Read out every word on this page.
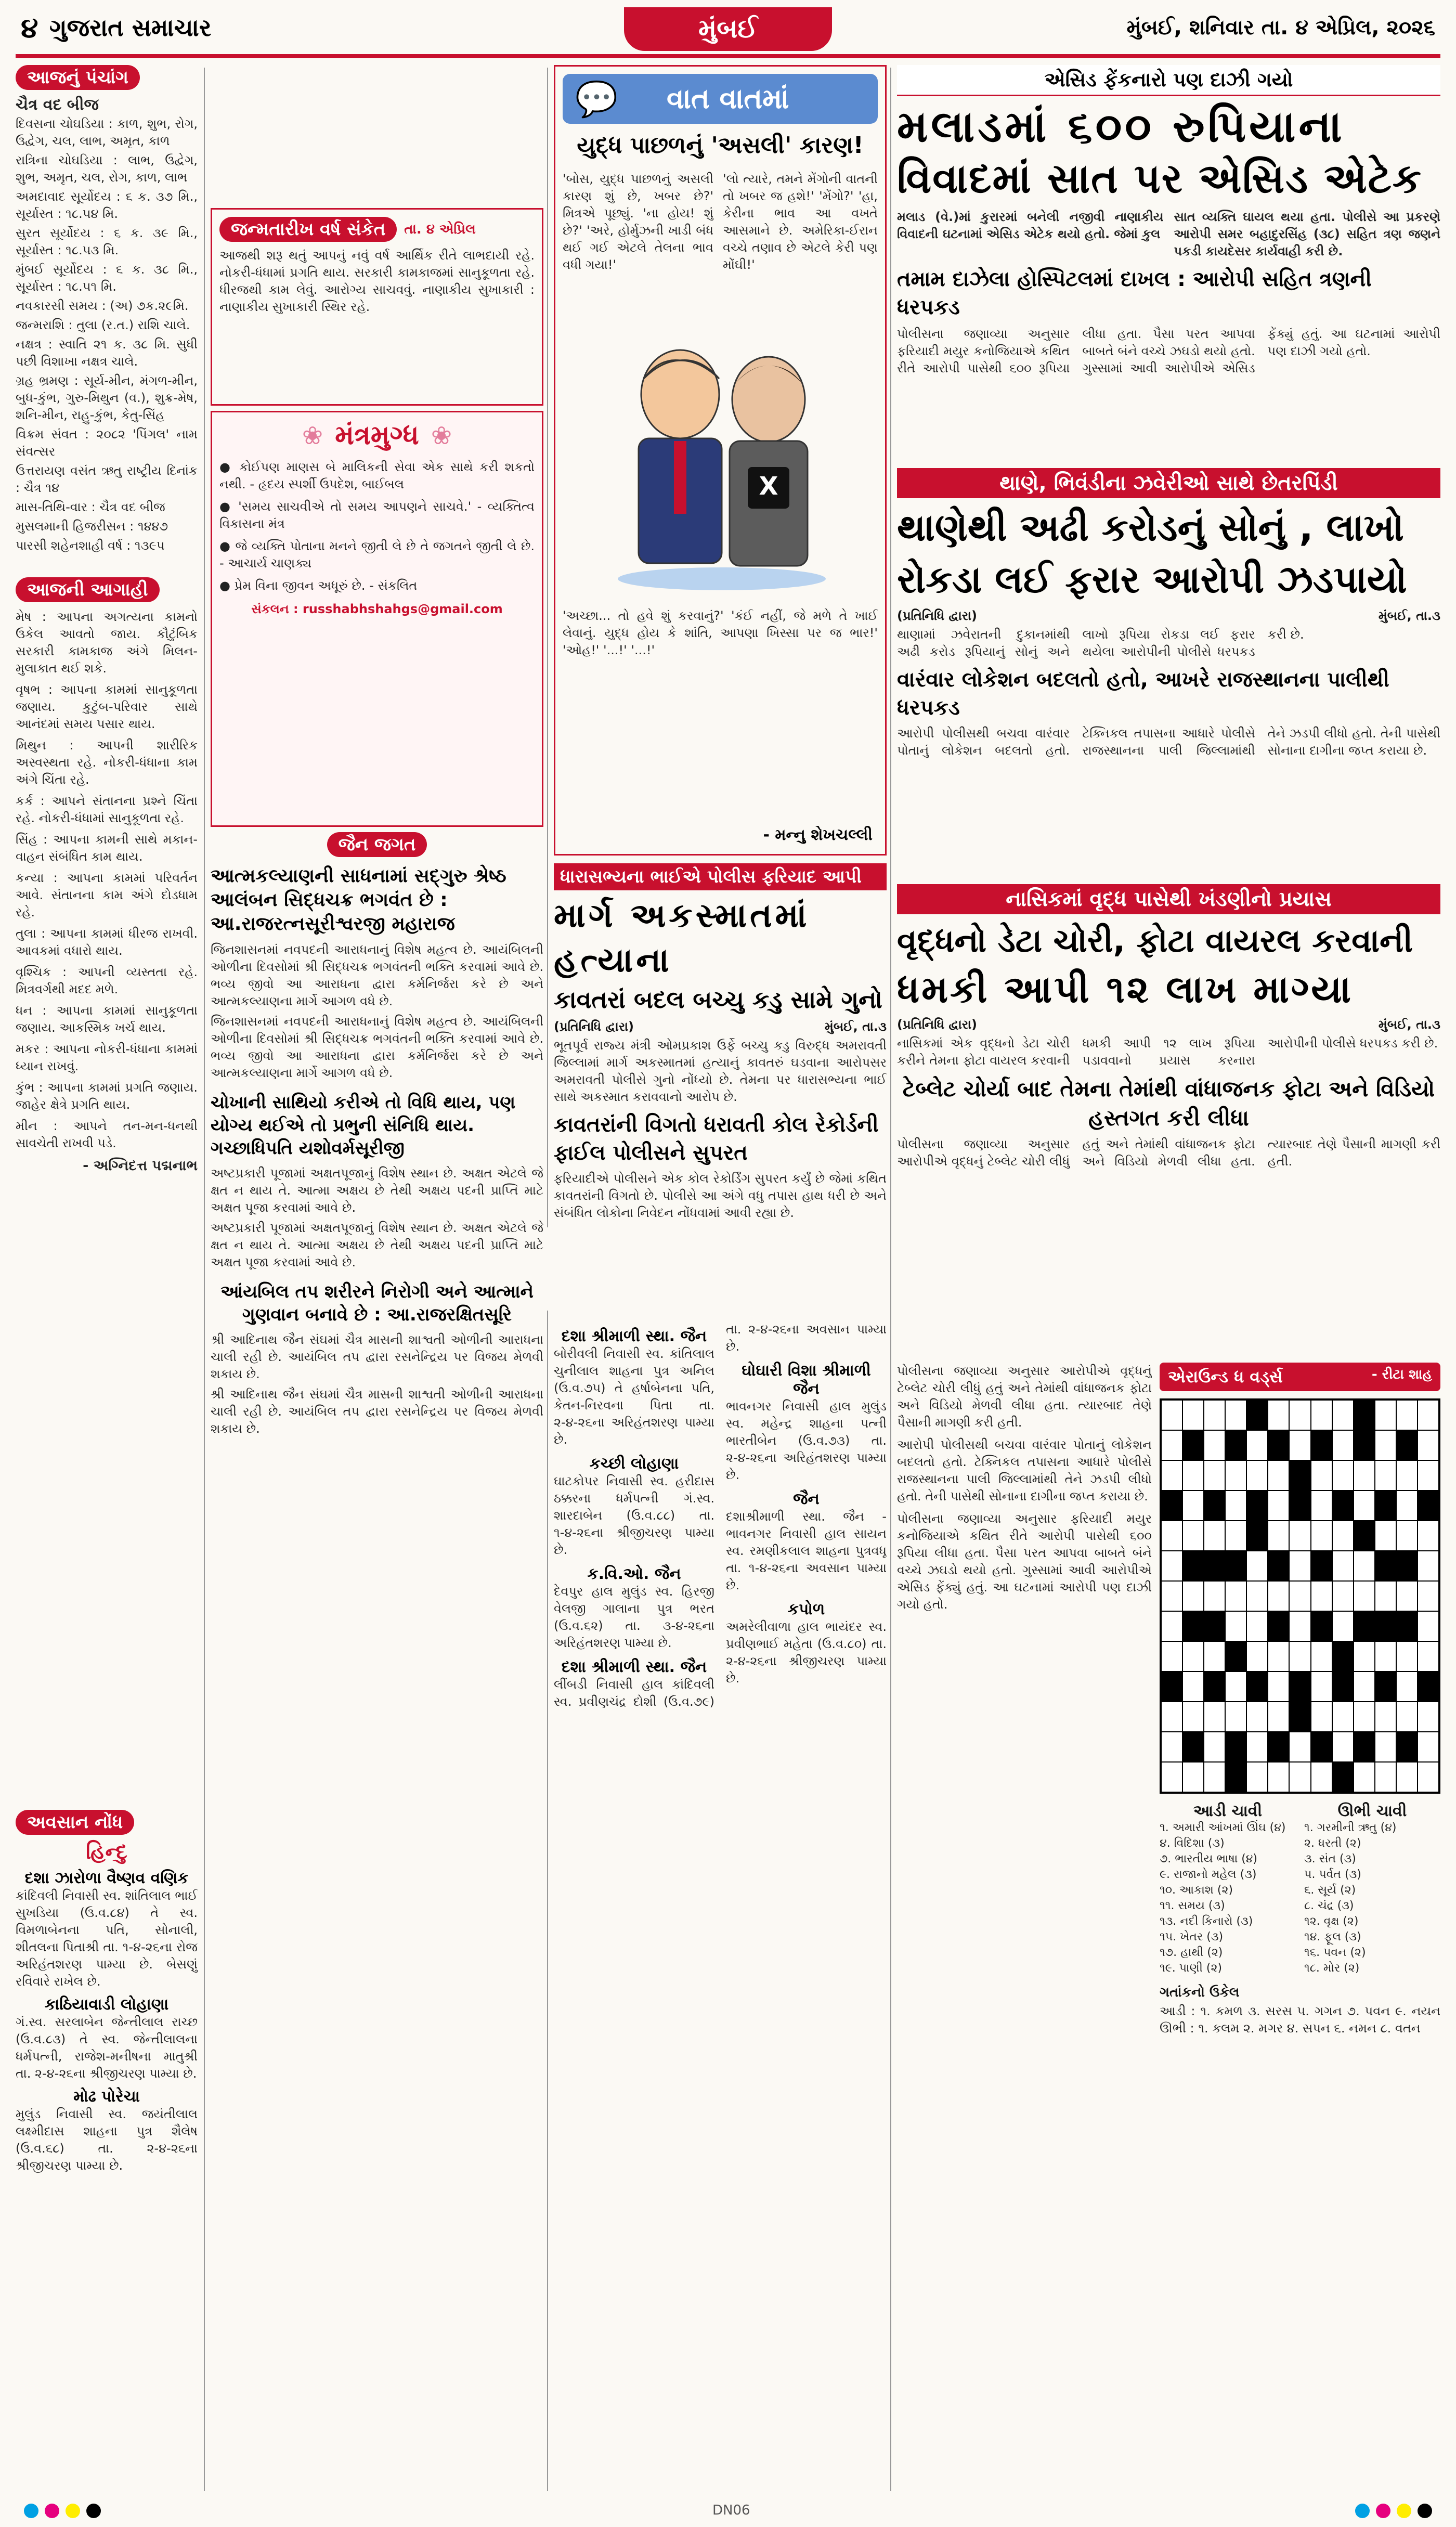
૪ ગુજરાત સમાચાર	મુંબઈ	મુંબઈ, શનિવાર તા. ૪ એપ્રિલ, ૨૦૨૬
આજનું પંચાંગ
ચૈત્ર વદ બીજ
દિવસના ચોઘડિયા : કાળ, શુભ, રોગ, ઉદ્વેગ, ચલ, લાભ, અમૃત, કાળ
રાત્રિના ચોઘડિયા : લાભ, ઉદ્વેગ, શુભ, અમૃત, ચલ, રોગ, કાળ, લાભ
અમદાવાદ સૂર્યોદય : ૬ ક. ૩૭ મિ., સૂર્યાસ્ત : ૧૮.૫૪ મિ.
સુરત સૂર્યોદય : ૬ ક. ૩૯ મિ., સૂર્યાસ્ત : ૧૮.૫૩ મિ.
મુંબઈ સૂર્યોદય : ૬ ક. ૩૮ મિ., સૂર્યાસ્ત : ૧૮.૫૧ મિ.
નવકારસી સમય : (અ) ૭ક.૨૯મિ.
જન્મરાશિ : તુલા (ર.ત.) રાશિ ચાલે.
નક્ષત્ર : સ્વાતિ ૨૧ ક. ૩૮ મિ. સુધી પછી વિશાખા નક્ષત્ર ચાલે.
ગ્રહ ભ્રમણ : સૂર્ય-મીન, મંગળ-મીન, બુધ-કુંભ, ગુરુ-મિથુન (વ.), શુક્ર-મેષ, શનિ-મીન, રાહુ-કુંભ, કેતુ-સિંહ
વિક્રમ સંવત : ૨૦૮૨ 'પિંગલ' નામ સંવત્સર
ઉત્તરાયણ વસંત ઋતુ રાષ્ટ્રીય દિનાંક : ચૈત્ર ૧૪
માસ-તિથિ-વાર : ચૈત્ર વદ બીજ
મુસલમાની હિજરીસન : ૧૪૪૭
પારસી શહેનશાહી વર્ષ : ૧૩૯૫
આજની આગાહી
મેષ : આપના અગત્યના કામનો ઉકેલ આવતો જાય. કૌટુંબિક સરકારી કામકાજ અંગે મિલન-મુલાકાત થઈ શકે.
વૃષભ : આપના કામમાં સાનુકૂળતા જણાય. કુટુંબ-પરિવાર સાથે આનંદમાં સમય પસાર થાય.
મિથુન : આપની શારીરિક અસ્વસ્થતા રહે. નોકરી-ધંધાના કામ અંગે ચિંતા રહે.
કર્ક : આપને સંતાનના પ્રશ્ને ચિંતા રહે. નોકરી-ધંધામાં સાનુકૂળતા રહે.
સિંહ : આપના કામની સાથે મકાન-વાહન સંબંધિત કામ થાય.
કન્યા : આપના કામમાં પરિવર્તન આવે. સંતાનના કામ અંગે દોડધામ રહે.
તુલા : આપના કામમાં ધીરજ રાખવી. આવકમાં વધારો થાય.
વૃશ્ચિક : આપની વ્યસ્તતા રહે. મિત્રવર્ગથી મદદ મળે.
ધન : આપના કામમાં સાનુકૂળતા જણાય. આકસ્મિક ખર્ચ થાય.
મકર : આપના નોકરી-ધંધાના કામમાં ધ્યાન રાખવું.
કુંભ : આપના કામમાં પ્રગતિ જણાય. જાહેર ક્ષેત્રે પ્રગતિ થાય.
મીન : આપને તન-મન-ધનથી સાવચેતી રાખવી પડે.
- અગ્નિદત્ત પદ્મનાભ
અવસાન નોંધ
હિન્દુ
દશા ઝારોળા વૈષ્ણવ વણિક
કાંદિવલી નિવાસી સ્વ. શાંતિલાલ ભાઈ સુખડિયા (ઉ.વ.૮૪) તે સ્વ. વિમળાબેનના પતિ, સોનાલી, શીતલના પિતાશ્રી તા. ૧-૪-૨૬ના રોજ અરિહંતશરણ પામ્યા છે. બેસણું રવિવારે રાખેલ છે.
કાઠિયાવાડી લોહાણા
ગં.સ્વ. સરલાબેન જેન્તીલાલ રાચ્છ (ઉ.વ.૮૩) તે સ્વ. જેન્તીલાલના ધર્મપત્ની, રાજેશ-મનીષના માતુશ્રી તા. ૨-૪-૨૬ના શ્રીજીચરણ પામ્યા છે.
મોઢ પોરેચા
મુલુંડ નિવાસી સ્વ. જયંતીલાલ લક્ષ્મીદાસ શાહના પુત્ર શૈલેષ (ઉ.વ.૬૮) તા. ૨-૪-૨૬ના શ્રીજીચરણ પામ્યા છે.
જન્મતારીખ વર્ષ સંકેત	તા. ૪ એપ્રિલ
આજથી શરૂ થતું આપનું નવું વર્ષ આર્થિક રીતે લાભદાયી રહે. નોકરી-ધંધામાં પ્રગતિ થાય. સરકારી કામકાજમાં સાનુકૂળતા રહે. ધીરજથી કામ લેવું. આરોગ્ય સાચવવું. નાણાકીય સુખાકારી : નાણાકીય સુખાકારી સ્થિર રહે.
❀ મંત્રમુગ્ધ ❀
● કોઈપણ માણસ બે માલિકની સેવા એક સાથે કરી શકતો નથી. - હૃદય સ્પર્શી ઉપદેશ, બાઈબલ
● 'સમય સાચવીએ તો સમય આપણને સાચવે.' - વ્યક્તિત્વ વિકાસના મંત્ર
● જે વ્યક્તિ પોતાના મનને જીતી લે છે તે જગતને જીતી લે છે. - આચાર્ય ચાણક્ય
● પ્રેમ વિના જીવન અધૂરું છે. - સંકલિત
સંકલન : russhabhshahgs@gmail.com
જૈન જગત
આત્મકલ્યાણની સાધનામાં સદ્ગુરુ શ્રેષ્ઠ આલંબન સિદ્ધચક્ર ભગવંત છે : આ.રાજરત્નસૂરીશ્વરજી મહારાજ
જિનશાસનમાં નવપદની આરાધનાનું વિશેષ મહત્વ છે. આયંબિલની ઓળીના દિવસોમાં શ્રી સિદ્ધચક્ર ભગવંતની ભક્તિ કરવામાં આવે છે. ભવ્ય જીવો આ આરાધના દ્વારા કર્મનિર્જરા કરે છે અને આત્મકલ્યાણના માર્ગે આગળ વધે છે.
જિનશાસનમાં નવપદની આરાધનાનું વિશેષ મહત્વ છે. આયંબિલની ઓળીના દિવસોમાં શ્રી સિદ્ધચક્ર ભગવંતની ભક્તિ કરવામાં આવે છે. ભવ્ય જીવો આ આરાધના દ્વારા કર્મનિર્જરા કરે છે અને આત્મકલ્યાણના માર્ગે આગળ વધે છે.
ચોખાની સાથિયો કરીએ તો વિધિ થાય, પણ યોગ્ય થઈએ તો પ્રભુની સંનિધિ થાય. ગચ્છાધિપતિ યશોવર્મસૂરીજી
અષ્ટપ્રકારી પૂજામાં અક્ષતપૂજાનું વિશેષ સ્થાન છે. અક્ષત એટલે જે ક્ષત ન થાય તે. આત્મા અક્ષય છે તેથી અક્ષય પદની પ્રાપ્તિ માટે અક્ષત પૂજા કરવામાં આવે છે.
અષ્ટપ્રકારી પૂજામાં અક્ષતપૂજાનું વિશેષ સ્થાન છે. અક્ષત એટલે જે ક્ષત ન થાય તે. આત્મા અક્ષય છે તેથી અક્ષય પદની પ્રાપ્તિ માટે અક્ષત પૂજા કરવામાં આવે છે.
આંયબિલ તપ શરીરને નિરોગી અને આત્માને ગુણવાન બનાવે છે : આ.રાજરક્ષિતસૂરિ
શ્રી આદિનાથ જૈન સંઘમાં ચૈત્ર માસની શાશ્વતી ઓળીની આરાધના ચાલી રહી છે. આયંબિલ તપ દ્વારા રસનેન્દ્રિય પર વિજય મેળવી શકાય છે.
શ્રી આદિનાથ જૈન સંઘમાં ચૈત્ર માસની શાશ્વતી ઓળીની આરાધના ચાલી રહી છે. આયંબિલ તપ દ્વારા રસનેન્દ્રિય પર વિજય મેળવી શકાય છે.
💬 વાત વાતમાં
યુદ્ધ પાછળનું 'અસલી' કારણ!
'બોસ, યુદ્ધ પાછળનું અસલી કારણ શું છે, ખબર છે?' મિત્રએ પૂછ્યું. 'ના હોય! શું છે?' 'અરે, હોર્મુઝની ખાડી બંધ થઈ ગઈ એટલે તેલના ભાવ વધી ગયા!'
'લો ત્યારે, તમને મેંગોની વાતની તો ખબર જ હશે!' 'મેંગો?' 'હા, કેરીના ભાવ આ વખતે આસમાને છે. અમેરિકા-ઈરાન વચ્ચે તણાવ છે એટલે કેરી પણ મોંઘી!'
X
'અચ્છા... તો હવે શું કરવાનું?' 'કંઈ નહીં, જે મળે તે ખાઈ લેવાનું. યુદ્ધ હોય કે શાંતિ, આપણા ખિસ્સા પર જ ભાર!' 'ઓહ!' '...!' '...!'
- મન્નુ શેખચલ્લી
ધારાસભ્યના ભાઈએ પોલીસ ફરિયાદ આપી
માર્ગ અકસ્માતમાં હત્યાના
કાવતરાં બદલ બચ્ચુ કડુ સામે ગુનો
(પ્રતિનિધિ દ્વારા)	મુંબઈ, તા.૩
ભૂતપૂર્વ રાજ્ય મંત્રી ઓમપ્રકાશ ઉર્ફે બચ્ચુ કડુ વિરુદ્ધ અમરાવતી જિલ્લામાં માર્ગ અકસ્માતમાં હત્યાનું કાવતરું ઘડવાના આરોપસર અમરાવતી પોલીસે ગુનો નોંધ્યો છે. તેમના પર ધારાસભ્યના ભાઈ સાથે અકસ્માત કરાવવાનો આરોપ છે.
કાવતરાંની વિગતો ધરાવતી કોલ રેકોર્ડની ફાઈલ પોલીસને સુપરત
ફરિયાદીએ પોલીસને એક કોલ રેકોર્ડિંગ સુપરત કર્યું છે જેમાં કથિત કાવતરાંની વિગતો છે. પોલીસે આ અંગે વધુ તપાસ હાથ ધરી છે અને સંબંધિત લોકોના નિવેદન નોંધવામાં આવી રહ્યા છે.
એસિડ ફેંકનારો પણ દાઝી ગયો
મલાડમાં ૬૦૦ રુપિયાના
વિવાદમાં સાત પર એસિડ એટેક
મલાડ (વે.)માં કુરારમાં બનેલી નજીવી નાણાકીય વિવાદની ઘટનામાં એસિડ એટેક થયો હતો. જેમાં કુલ
સાત વ્યક્તિ ઘાયલ થયા હતા. પોલીસે આ પ્રકરણે આરોપી સમર બહાદુરસિંહ (૩૮) સહિત ત્રણ જણને પકડી કાયદેસર કાર્યવાહી કરી છે.
તમામ દાઝેલા હોસ્પિટલમાં દાખલ : આરોપી સહિત ત્રણની ધરપકડ
પોલીસના જણાવ્યા અનુસાર ફરિયાદી મયુર કનોજિયાએ કથિત રીતે આરોપી પાસેથી ૬૦૦ રૂપિયા લીધા હતા. પૈસા પરત આપવા બાબતે બંને વચ્ચે ઝઘડો થયો હતો. ગુસ્સામાં આવી આરોપીએ એસિડ ફેંક્યું હતું. આ ઘટનામાં આરોપી પણ દાઝી ગયો હતો.
થાણે, ભિવંડીના ઝવેરીઓ સાથે છેતરપિંડી
થાણેથી અઢી કરોડનું સોનું , લાખો
રોકડા લઈ ફરાર આરોપી ઝડપાયો
(પ્રતિનિધિ દ્વારા)	મુંબઈ, તા.૩
થાણામાં ઝવેરાતની દુકાનમાંથી અઢી કરોડ રૂપિયાનું સોનું અને લાખો રૂપિયા રોકડા લઈ ફરાર થયેલા આરોપીની પોલીસે ધરપકડ કરી છે.
વારંવાર લોકેશન બદલતો હતો, આખરે રાજસ્થાનના પાલીથી ધરપકડ
આરોપી પોલીસથી બચવા વારંવાર પોતાનું લોકેશન બદલતો હતો. ટેક્નિકલ તપાસના આધારે પોલીસે રાજસ્થાનના પાલી જિલ્લામાંથી તેને ઝડપી લીધો હતો. તેની પાસેથી સોનાના દાગીના જપ્ત કરાયા છે.
નાસિકમાં વૃદ્ધ પાસેથી ખંડણીનો પ્રયાસ
વૃદ્ધનો ડેટા ચોરી, ફોટા વાયરલ કરવાની
ધમકી આપી ૧૨ લાખ માગ્યા
(પ્રતિનિધિ દ્વારા)	મુંબઈ, તા.૩
નાસિકમાં એક વૃદ્ધનો ડેટા ચોરી કરીને તેમના ફોટા વાયરલ કરવાની ધમકી આપી ૧૨ લાખ રૂપિયા પડાવવાનો પ્રયાસ કરનારા આરોપીની પોલીસે ધરપકડ કરી છે.
ટેબ્લેટ ચોર્યા બાદ તેમના તેમાંથી વાંધાજનક ફોટા અને વિડિયો હસ્તગત કરી લીધા
પોલીસના જણાવ્યા અનુસાર આરોપીએ વૃદ્ધનું ટેબ્લેટ ચોરી લીધું હતું અને તેમાંથી વાંધાજનક ફોટા અને વિડિયો મેળવી લીધા હતા. ત્યારબાદ તેણે પૈસાની માગણી કરી હતી.
દશા શ્રીમાળી સ્થા. જૈન
બોરીવલી નિવાસી સ્વ. કાંતિલાલ ચુનીલાલ શાહના પુત્ર અનિલ (ઉ.વ.૭૫) તે હર્ષાબેનના પતિ, કેતન-નિરવના પિતા તા. ૨-૪-૨૬ના અરિહંતશરણ પામ્યા છે.
કચ્છી લોહાણા
ઘાટકોપર નિવાસી સ્વ. હરીદાસ ઠક્કરના ધર્મપત્ની ગં.સ્વ. શારદાબેન (ઉ.વ.૮૮) તા. ૧-૪-૨૬ના શ્રીજીચરણ પામ્યા છે.
ક.વિ.ઓ. જૈન
દેવપુર હાલ મુલુંડ સ્વ. હિરજી વેલજી ગાલાના પુત્ર ભરત (ઉ.વ.૬૨) તા. ૩-૪-૨૬ના અરિહંતશરણ પામ્યા છે.
દશા શ્રીમાળી સ્થા. જૈન
લીંબડી નિવાસી હાલ કાંદિવલી સ્વ. પ્રવીણચંદ્ર દોશી (ઉ.વ.૭૯) તા. ૨-૪-૨૬ના અવસાન પામ્યા છે.
ઘોઘારી વિશા શ્રીમાળી જૈન
ભાવનગર નિવાસી હાલ મુલુંડ સ્વ. મહેન્દ્ર શાહના પત્ની ભારતીબેન (ઉ.વ.૭૩) તા. ૨-૪-૨૬ના અરિહંતશરણ પામ્યા છે.
જૈન
દશાશ્રીમાળી સ્થા. જૈન - ભાવનગર નિવાસી હાલ સાયન સ્વ. રમણીકલાલ શાહના પુત્રવધૂ તા. ૧-૪-૨૬ના અવસાન પામ્યા છે.
કપોળ
અમરેલીવાળા હાલ ભાયંદર સ્વ. પ્રવીણભાઈ મહેતા (ઉ.વ.૮૦) તા. ૨-૪-૨૬ના શ્રીજીચરણ પામ્યા છે.
એરાઉન્ડ ધ વર્ડ્સ	- રીટા શાહ
આડી ચાવી
૧. અમારી આંખમાં ઊંઘ (૪)
૪. વિદિશા (૩)
૭. ભારતીય ભાષા (૪)
૯. રાજાનો મહેલ (૩)
૧૦. આકાશ (૨)
૧૧. સમય (૩)
૧૩. નદી કિનારો (૩)
૧૫. ખેતર (૩)
૧૭. હાથી (૨)
૧૯. પાણી (૨)
ઊભી ચાવી
૧. ગરમીની ઋતુ (૪)
૨. ધરતી (૨)
૩. સંત (૩)
૫. પર્વત (૩)
૬. સૂર્ય (૨)
૮. ચંદ્ર (૩)
૧૨. વૃક્ષ (૨)
૧૪. ફૂલ (૩)
૧૬. પવન (૨)
૧૮. મોર (૨)
ગતાંકનો ઉકેલ
આડી : ૧. કમળ ૩. સરસ ૫. ગગન ૭. પવન ૯. નયન ઊભી : ૧. કલમ ૨. મગર ૪. સપન ૬. નમન ૮. વતન
પોલીસના જણાવ્યા અનુસાર આરોપીએ વૃદ્ધનું ટેબ્લેટ ચોરી લીધું હતું અને તેમાંથી વાંધાજનક ફોટા અને વિડિયો મેળવી લીધા હતા. ત્યારબાદ તેણે પૈસાની માગણી કરી હતી.
આરોપી પોલીસથી બચવા વારંવાર પોતાનું લોકેશન બદલતો હતો. ટેક્નિકલ તપાસના આધારે પોલીસે રાજસ્થાનના પાલી જિલ્લામાંથી તેને ઝડપી લીધો હતો. તેની પાસેથી સોનાના દાગીના જપ્ત કરાયા છે.
પોલીસના જણાવ્યા અનુસાર ફરિયાદી મયુર કનોજિયાએ કથિત રીતે આરોપી પાસેથી ૬૦૦ રૂપિયા લીધા હતા. પૈસા પરત આપવા બાબતે બંને વચ્ચે ઝઘડો થયો હતો. ગુસ્સામાં આવી આરોપીએ એસિડ ફેંક્યું હતું. આ ઘટનામાં આરોપી પણ દાઝી ગયો હતો.
DN06
